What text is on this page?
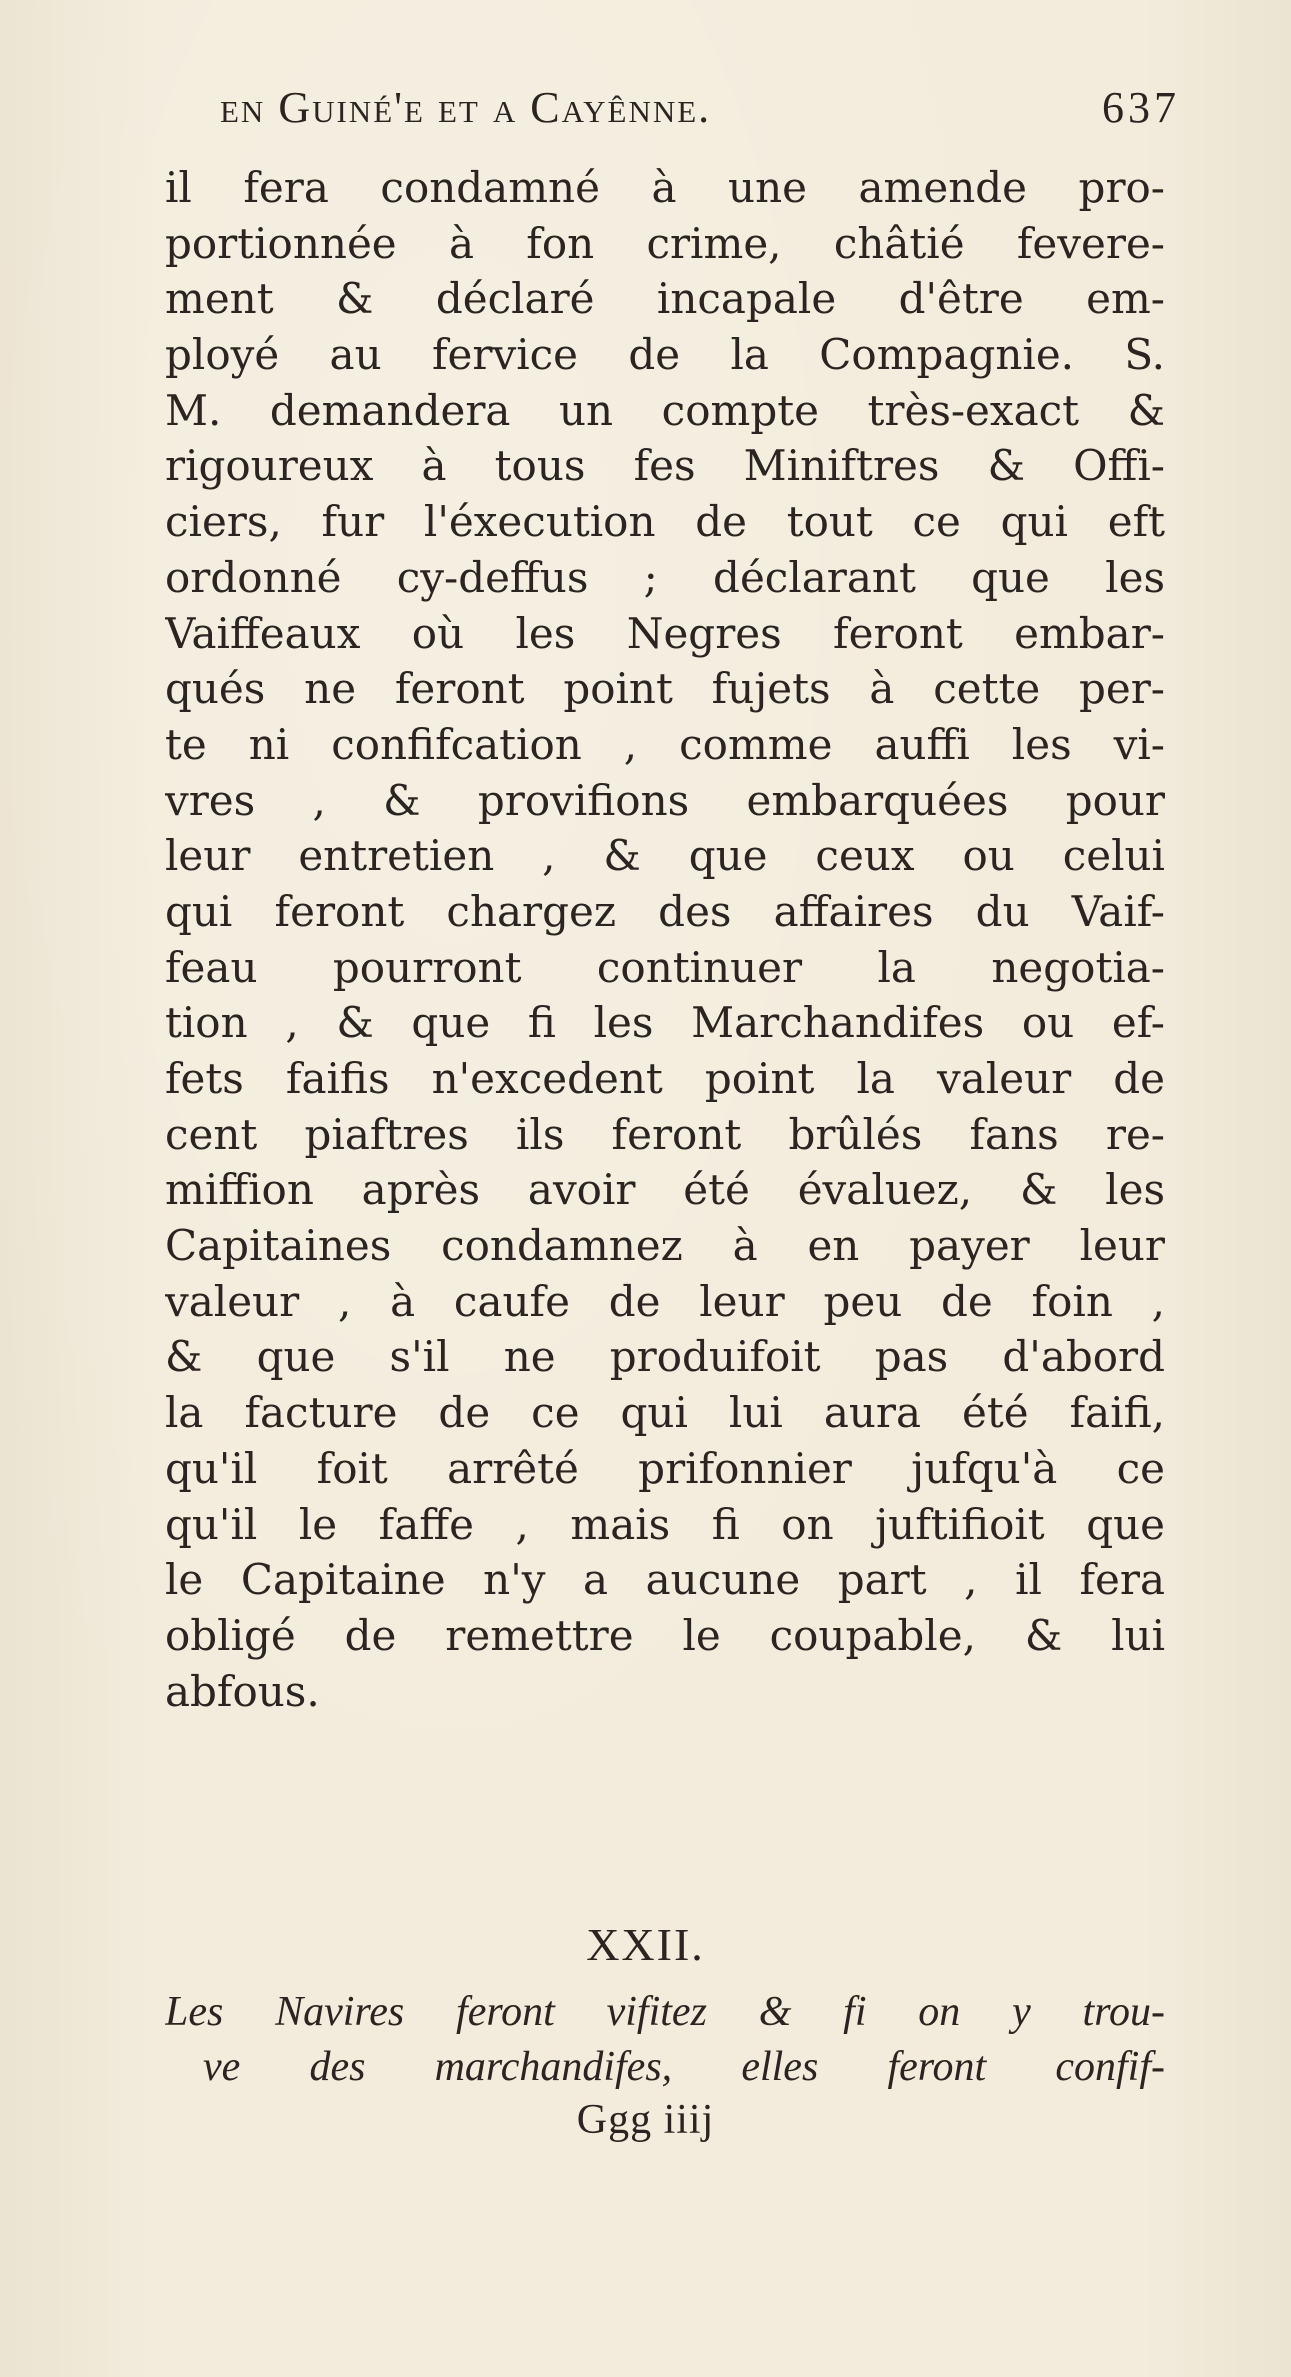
en Guiné'e et a Cayênne.	637
il fera condamné à une amende pro-
portionnée à fon crime, châtié fevere-
ment & déclaré incapale d'être em-
ployé au fervice de la Compagnie. S.
M. demandera un compte très-exact &
rigoureux à tous fes Miniftres & Offi-
ciers, fur l'éxecution de tout ce qui eft
ordonné cy-deffus ; déclarant que les
Vaiffeaux où les Negres feront embar-
qués ne feront point fujets à cette per-
te ni confifcation , comme auffi les vi-
vres , & provifions embarquées pour
leur entretien , & que ceux ou celui
qui feront chargez des affaires du Vaif-
feau pourront continuer la negotia-
tion , & que fi les Marchandifes ou ef-
fets faifis n'excedent point la valeur de
cent piaftres ils feront brûlés fans re-
miffion après avoir été évaluez, & les
Capitaines condamnez à en payer leur
valeur , à caufe de leur peu de foin ,
& que s'il ne produifoit pas d'abord
la facture de ce qui lui aura été faifi,
qu'il foit arrêté prifonnier jufqu'à ce
qu'il le faffe , mais fi on juftifioit que
le Capitaine n'y a aucune part , il fera
obligé de remettre le coupable, & lui
abfous.
XXII.
Les Navires feront vifitez & fi on y trou-
ve des marchandifes, elles feront confif-
Ggg iiij
